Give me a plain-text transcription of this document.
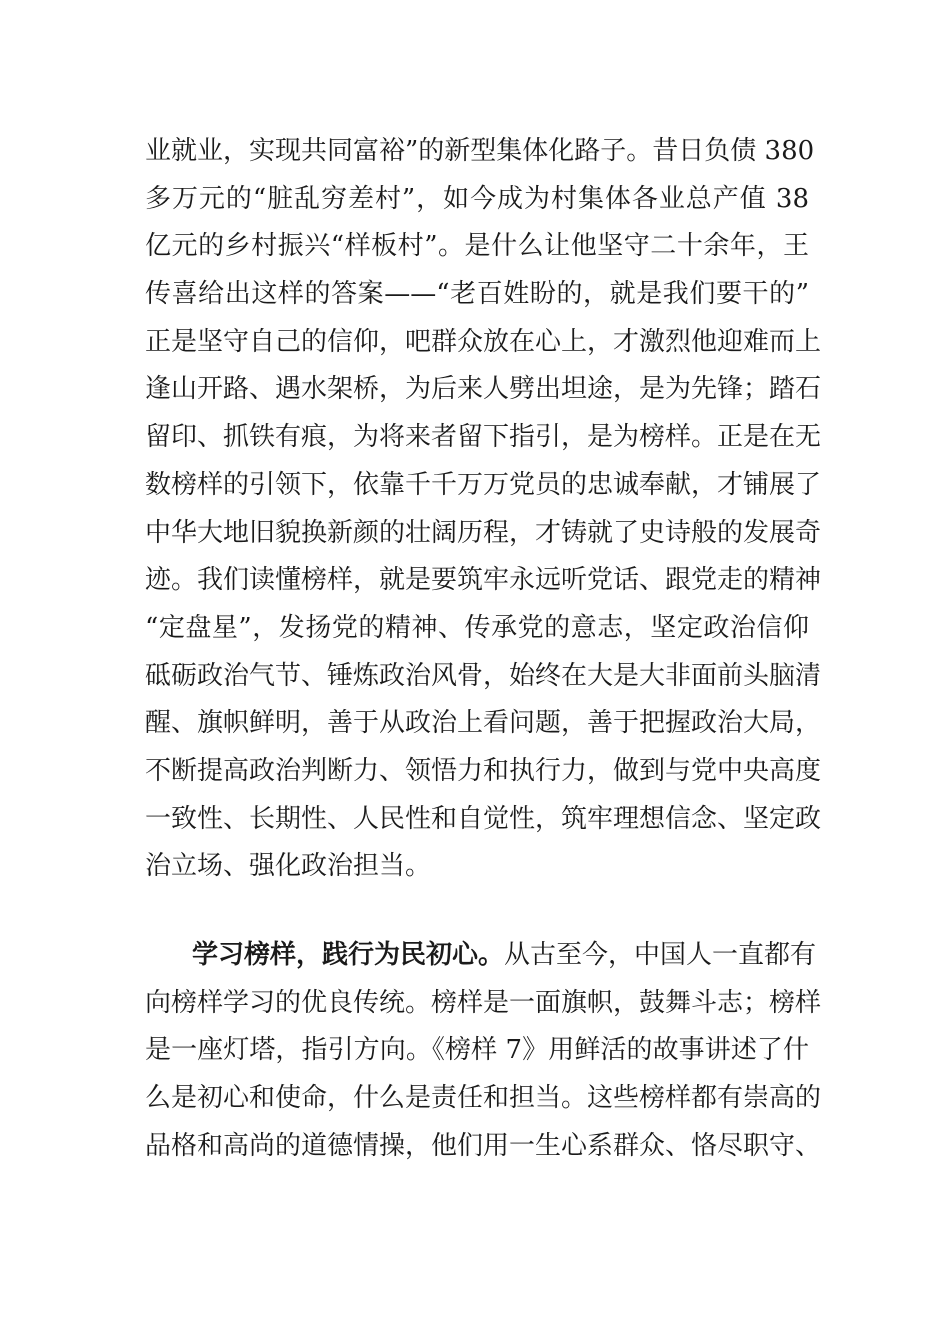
业就业，实现共同富裕”的新型集体化路子。昔日负债 380
多万元的“脏乱穷差村”，如今成为村集体各业总产值 38
亿元的乡村振兴“样板村”。是什么让他坚守二十余年，王
传喜给出这样的答案——“老百姓盼的，就是我们要干的”
正是坚守自己的信仰，吧群众放在心上，才激烈他迎难而上
逢山开路、遇水架桥，为后来人劈出坦途，是为先锋；踏石
留印、抓铁有痕，为将来者留下指引，是为榜样。正是在无
数榜样的引领下，依靠千千万万党员的忠诚奉献，才铺展了
中华大地旧貌换新颜的壮阔历程，才铸就了史诗般的发展奇
迹。我们读懂榜样，就是要筑牢永远听党话、跟党走的精神
“定盘星”，发扬党的精神、传承党的意志，坚定政治信仰
砥砺政治气节、锤炼政治风骨，始终在大是大非面前头脑清
醒、旗帜鲜明，善于从政治上看问题，善于把握政治大局，
不断提高政治判断力、领悟力和执行力，做到与党中央高度
一致性、长期性、人民性和自觉性，筑牢理想信念、坚定政
治立场、强化政治担当。
学习榜样，践行为民初心。从古至今，中国人一直都有
向榜样学习的优良传统。榜样是一面旗帜，鼓舞斗志；榜样
是一座灯塔，指引方向。《榜样 7》用鲜活的故事讲述了什
么是初心和使命，什么是责任和担当。这些榜样都有崇高的
品格和高尚的道德情操，他们用一生心系群众、恪尽职守、
